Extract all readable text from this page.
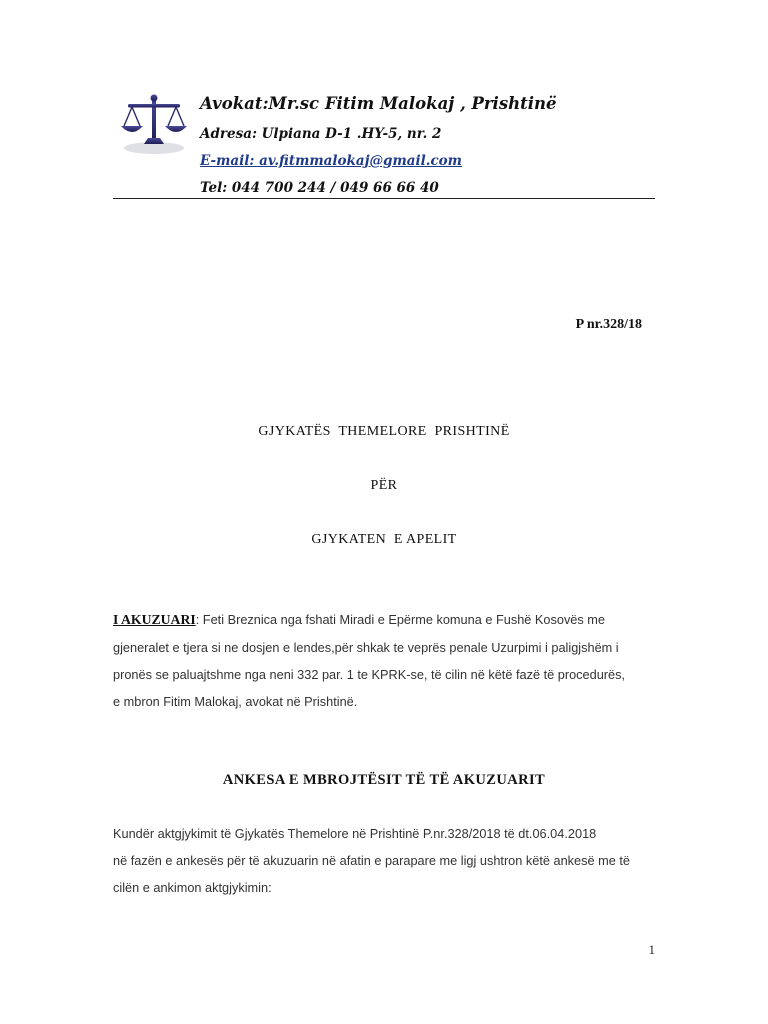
Avokat:Mr.sc Fitim Malokaj , Prishtinë
Adresa: Ulpiana D-1 .HY-5, nr. 2
E-mail: av.fitmmalokaj@gmail.com
Tel: 044 700 244 / 049 66 66 40
P nr.328/18
GJYKATËS  THEMELORE  PRISHTINË
PËR
GJYKATEN  E APELIT
I AKUZUARI: Feti Breznica nga fshati Miradi e Epërme komuna e Fushë Kosovës me
gjeneralet e tjera si ne dosjen e lendes,për shkak te veprës penale Uzurpimi i paligjshëm i
pronës se paluajtshme nga neni 332 par. 1 te KPRK-se, të cilin në këtë fazë të procedurës,
e mbron Fitim Malokaj, avokat në Prishtinë.
ANKESA E MBROJTËSIT TË TË AKUZUARIT
Kundër aktgjykimit të Gjykatës Themelore në Prishtinë P.nr.328/2018 të dt.06.04.2018
në fazën e ankesës për të akuzuarin në afatin e parapare me ligj ushtron këtë ankesë me të
cilën e ankimon aktgjykimin:
1
